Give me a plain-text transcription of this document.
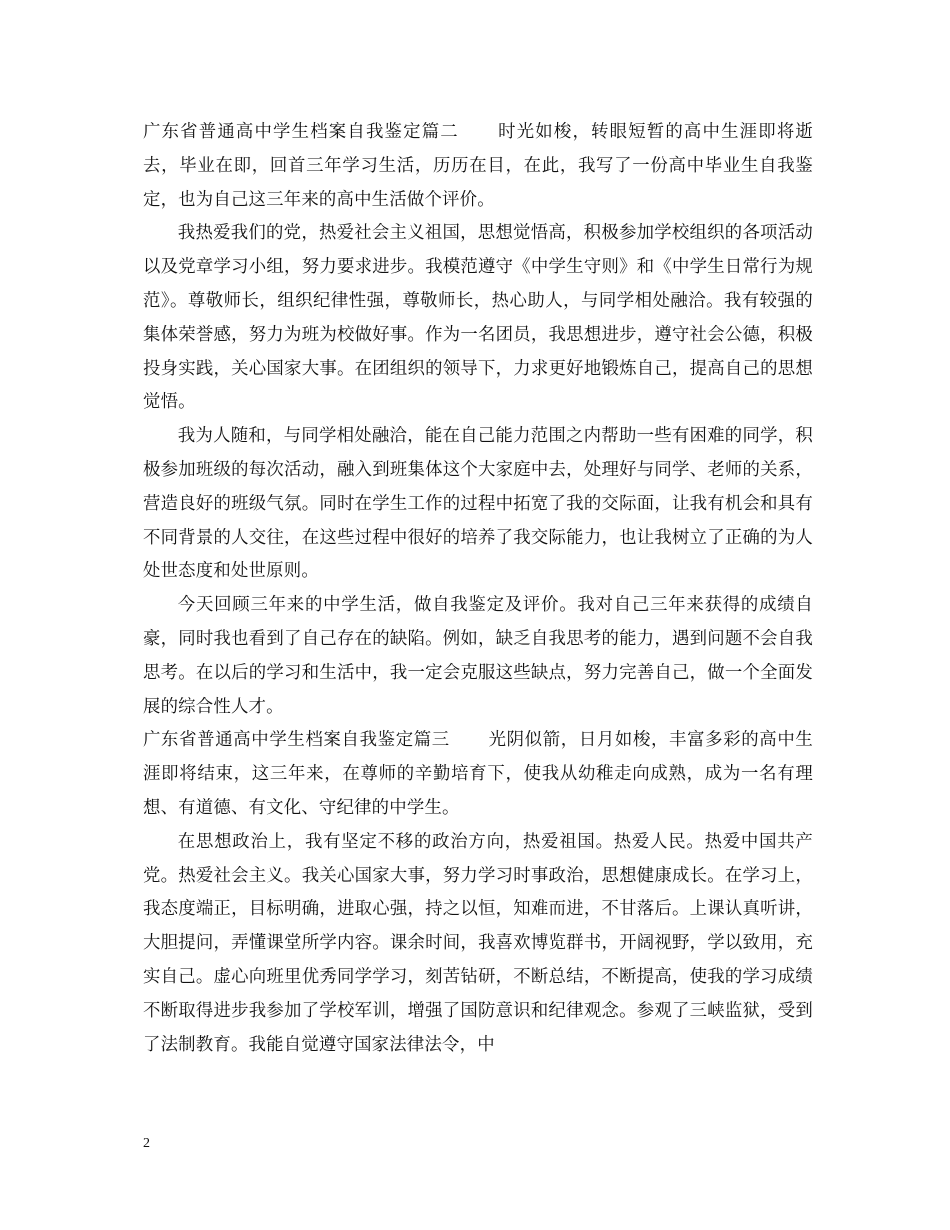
广东省普通高中学生档案自我鉴定篇二 时光如梭，转眼短暂的高中生涯即将逝去，毕业在即，回首三年学习生活，历历在目，在此，我写了一份高中毕业生自我鉴定，也为自己这三年来的高中生活做个评价。

我热爱我们的党，热爱社会主义祖国，思想觉悟高，积极参加学校组织的各项活动以及党章学习小组，努力要求进步。我模范遵守《中学生守则》和《中学生日常行为规范》。尊敬师长，组织纪律性强，尊敬师长，热心助人，与同学相处融洽。我有较强的集体荣誉感，努力为班为校做好事。作为一名团员，我思想进步，遵守社会公德，积极投身实践，关心国家大事。在团组织的领导下，力求更好地锻炼自己，提高自己的思想觉悟。

我为人随和，与同学相处融洽，能在自己能力范围之内帮助一些有困难的同学，积极参加班级的每次活动，融入到班集体这个大家庭中去，处理好与同学、老师的关系，营造良好的班级气氛。同时在学生工作的过程中拓宽了我的交际面，让我有机会和具有不同背景的人交往，在这些过程中很好的培养了我交际能力，也让我树立了正确的为人处世态度和处世原则。

今天回顾三年来的中学生活，做自我鉴定及评价。我对自己三年来获得的成绩自豪，同时我也看到了自己存在的缺陷。例如，缺乏自我思考的能力，遇到问题不会自我思考。在以后的学习和生活中，我一定会克服这些缺点，努力完善自己，做一个全面发展的综合性人才。

广东省普通高中学生档案自我鉴定篇三 光阴似箭，日月如梭，丰富多彩的高中生涯即将结束，这三年来，在尊师的辛勤培育下，使我从幼稚走向成熟，成为一名有理想、有道德、有文化、守纪律的中学生。

在思想政治上，我有坚定不移的政治方向，热爱祖国。热爱人民。热爱中国共产党。热爱社会主义。我关心国家大事，努力学习时事政治，思想健康成长。在学习上，我态度端正，目标明确，进取心强，持之以恒，知难而进，不甘落后。上课认真听讲，大胆提问，弄懂课堂所学内容。课余时间，我喜欢博览群书，开阔视野，学以致用，充实自己。虚心向班里优秀同学学习，刻苦钻研，不断总结，不断提高，使我的学习成绩不断取得进步我参加了学校军训，增强了国防意识和纪律观念。参观了三峡监狱，受到了法制教育。我能自觉遵守国家法律法令，中

2
